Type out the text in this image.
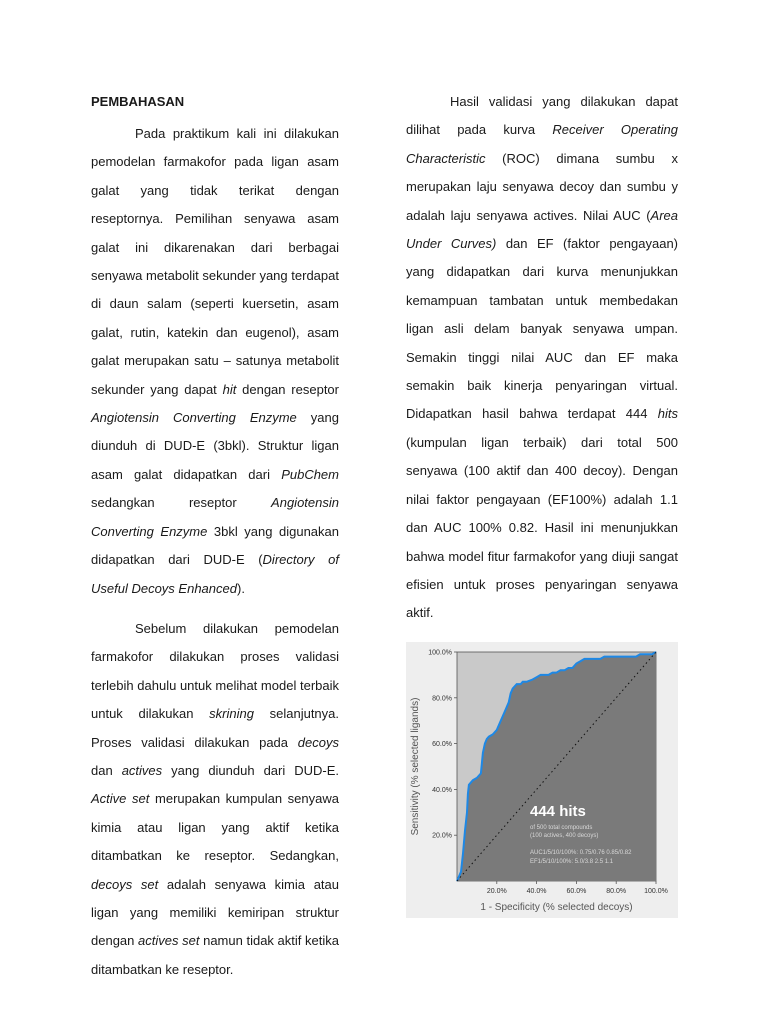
PEMBAHASAN

Pada praktikum kali ini dilakukan pemodelan farmakofor pada ligan asam galat yang tidak terikat dengan reseptornya. Pemilihan senyawa asam galat ini dikarenakan dari berbagai senyawa metabolit sekunder yang terdapat di daun salam (seperti kuersetin, asam galat, rutin, katekin dan eugenol), asam galat merupakan satu – satunya metabolit sekunder yang dapat hit dengan reseptor Angiotensin Converting Enzyme yang diunduh di DUD-E (3bkl). Struktur ligan asam galat didapatkan dari PubChem sedangkan reseptor Angiotensin Converting Enzyme 3bkl yang digunakan didapatkan dari DUD-E (Directory of Useful Decoys Enhanced).

Sebelum dilakukan pemodelan farmakofor dilakukan proses validasi terlebih dahulu untuk melihat model terbaik untuk dilakukan skrining selanjutnya. Proses validasi dilakukan pada decoys dan actives yang diunduh dari DUD-E. Active set merupakan kumpulan senyawa kimia atau ligan yang aktif ketika ditambatkan ke reseptor. Sedangkan, decoys set adalah senyawa kimia atau ligan yang memiliki kemiripan struktur dengan actives set namun tidak aktif ketika ditambatkan ke reseptor.

Hasil validasi yang dilakukan dapat dilihat pada kurva Receiver Operating Characteristic (ROC) dimana sumbu x merupakan laju senyawa decoy dan sumbu y adalah laju senyawa actives. Nilai AUC (Area Under Curves) dan EF (faktor pengayaan) yang didapatkan dari kurva menunjukkan kemampuan tambatan untuk membedakan ligan asli delam banyak senyawa umpan. Semakin tinggi nilai AUC dan EF maka semakin baik kinerja penyaringan virtual. Didapatkan hasil bahwa terdapat 444 hits (kumpulan ligan terbaik) dari total 500 senyawa (100 aktif dan 400 decoy). Dengan nilai faktor pengayaan (EF100%) adalah 1.1 dan AUC 100% 0.82. Hasil ini menunjukkan bahwa model fitur farmakofor yang diuji sangat efisien untuk proses penyaringan senyawa aktif.

20.0%
40.0%
60.0%
80.0%
100.0%
20.0%	40.0%	60.0%	80.0%	100.0%
1 - Specificity (% selected decoys)
Sensitivity (% selected ligands)	444 hits
of 500 total compounds
(100 actives, 400 decoys)
AUC1/5/10/100%: 0.75/0.76 0.85/0.82
EF1/5/10/100%: 5.0/3.8 2.5 1.1
